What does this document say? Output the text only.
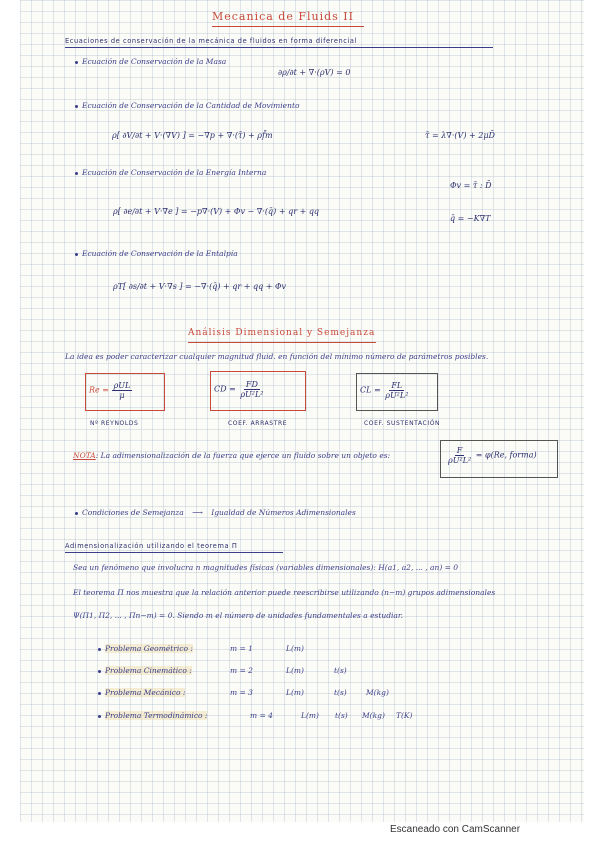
Mecanica de Fluids II
Ecuaciones de conservación de la mecánica de fluidos en forma diferencial
Ecuación de Conservación de la Masa
∂ρ/∂t + ∇·(ρV) = 0
Ecuación de Conservación de la Cantidad de Movimiento
ρ[ ∂V/∂t + V·(∇V) ] = −∇p + ∇·(τ̄) + ρf̄m	τ̄ = λ∇·(V) + 2μD̄
Ecuación de Conservación de la Energía Interna
ρ[ ∂e/∂t + V·∇e ] = −p∇·(V) + Φv − ∇·(q̄) + qr + qq
Φv = τ̄ : D̄
q̄ = −K∇T
Ecuación de Conservación de la Entalpía
ρT[ ∂s/∂t + V·∇s ] = −∇·(q̄) + qr + qq + Φv
Análisis Dimensional y Semejanza
La idea es poder caracterizar cualquier magnitud fluid. en función del mínimo número de parámetros posibles.
$Re = \frac{\text{ρUL}}{\mu}$
Nº REYNOLDS
CD = $\frac{FD}{\text{ρU²L²}}$
COEF. ARRASTRE
CL = $\frac{FL}{\text{ρU²L²}}$
COEF. SUSTENTACIÓN
NOTA: La adimensionalización de la fuerza que ejerce un fluido sobre un objeto es:	$\frac{F}{\text{ρU²L²}} = \varphi(Re$, forma)
Condiciones de Semejanza ⟶ Igualdad de Números Adimensionales
Adimensionalización utilizando el teorema Π
Sea un fenómeno que involucra n magnitudes físicas (variables dimensionales): H(a1, a2, ... , an) = 0
El teorema Π nos muestra que la relación anterior puede reescribirse utilizando (n−m) grupos adimensionales
Ψ(Π1, Π2, ... , Πn−m) = 0. Siendo m el número de unidades fundamentales a estudiar.
Problema Geométrico :	m = 1	L(m)
Problema Cinemático :	m = 2	L(m)	t(s)
Problema Mecánico :	m = 3	L(m)	t(s)	M(kg)
Problema Termodinámico :	m = 4	L(m) t(s) M(kg) T(K)
Escaneado con CamScanner
